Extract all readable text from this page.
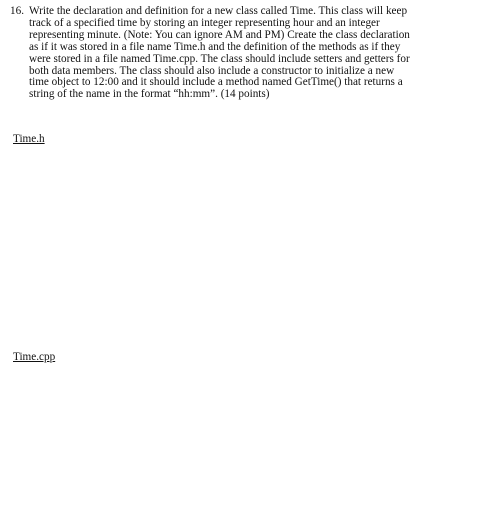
16. Write the declaration and definition for a new class called Time. This class will keep
track of a specified time by storing an integer representing hour and an integer
representing minute. (Note: You can ignore AM and PM) Create the class declaration
as if it was stored in a file name Time.h and the definition of the methods as if they
were stored in a file named Time.cpp. The class should include setters and getters for
both data members. The class should also include a constructor to initialize a new
time object to 12:00 and it should include a method named GetTime() that returns a
string of the name in the format “hh:mm”. (14 points)
Time.h
Time.cpp
